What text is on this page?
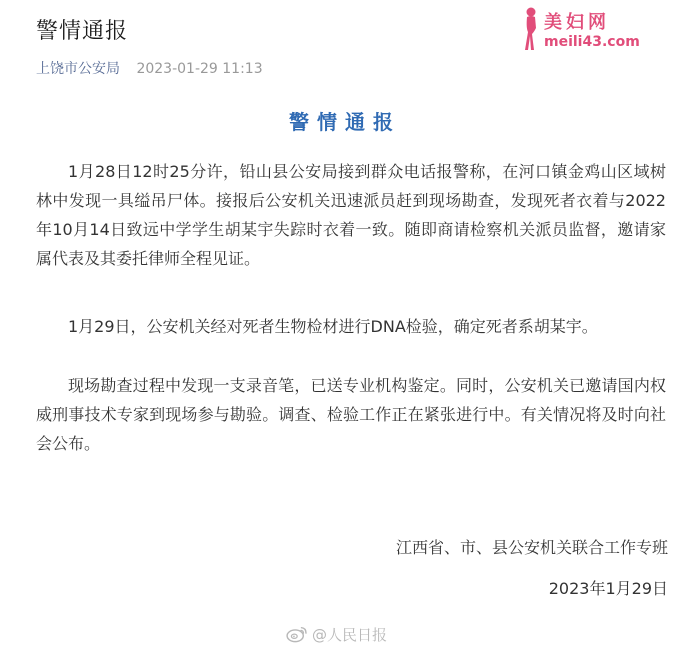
警情通报
上饶市公安局 2023-01-29 11:13
美妇网
meili43.com
警情通报

1月28日12时25分许，铅山县公安局接到群众电话报警称，在河口镇金鸡山区域树林中发现一具缢吊尸体。接报后公安机关迅速派员赶到现场勘查，发现死者衣着与2022年10月14日致远中学学生胡某宇失踪时衣着一致。随即商请检察机关派员监督，邀请家属代表及其委托律师全程见证。

1月29日，公安机关经对死者生物检材进行DNA检验，确定死者系胡某宇。

现场勘查过程中发现一支录音笔，已送专业机构鉴定。同时，公安机关已邀请国内权威刑事技术专家到现场参与勘验。调查、检验工作正在紧张进行中。有关情况将及时向社会公布。

江西省、市、县公安机关联合工作专班
2023年1月29日
@人民日报
